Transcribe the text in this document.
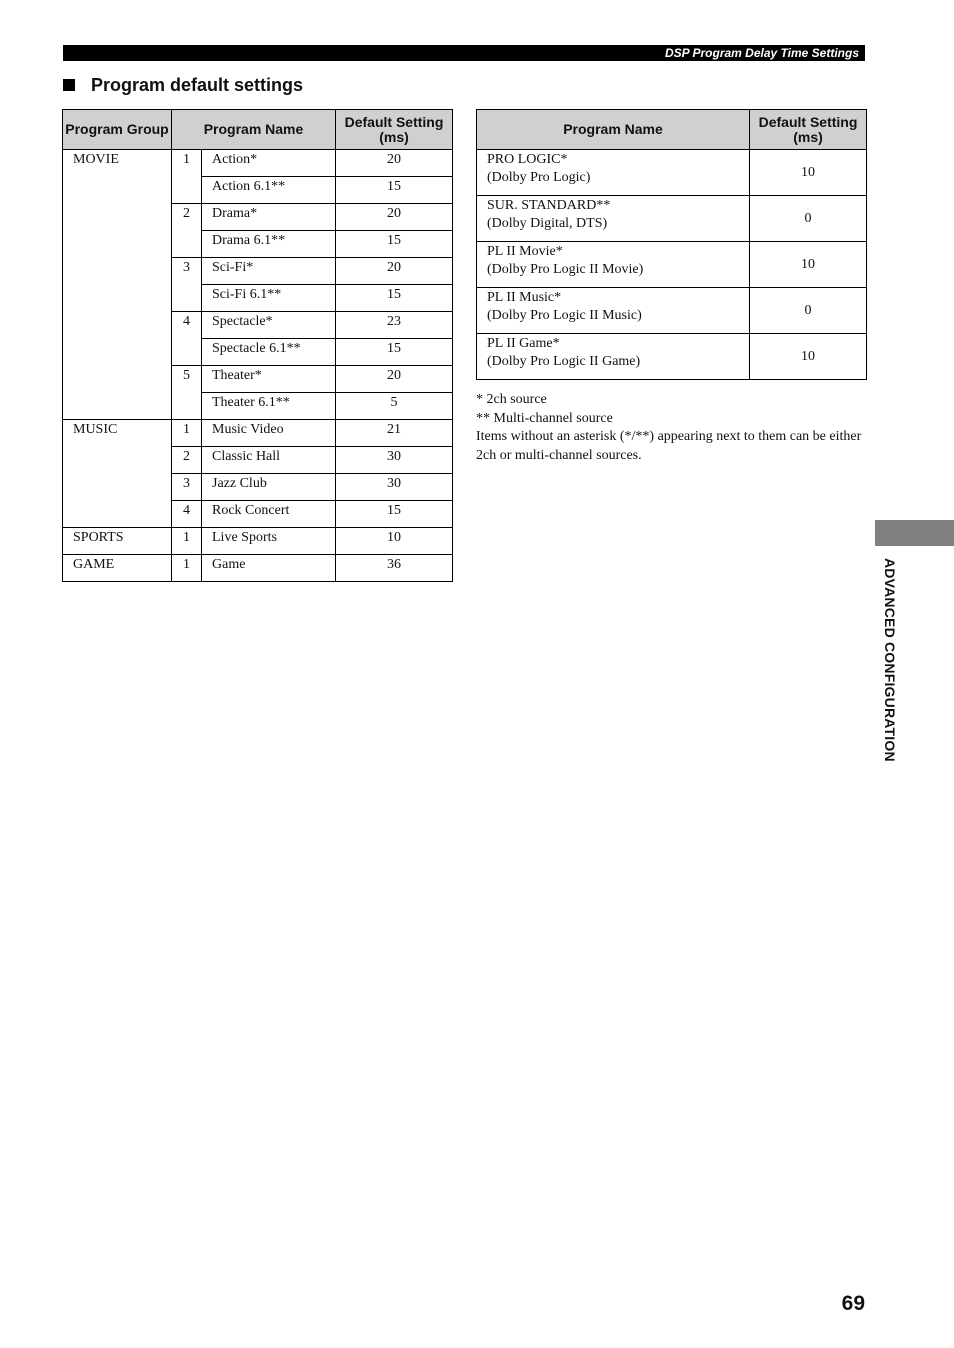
DSP Program Delay Time Settings
Program default settings
Program Group	Program Name		Default Setting (ms)
MOVIE	1	Action*	20
		Action 6.1**	15
	2	Drama*	20
		Drama 6.1**	15
	3	Sci-Fi*	20
		Sci-Fi 6.1**	15
	4	Spectacle*	23
		Spectacle 6.1**	15
	5	Theater*	20
		Theater 6.1**	5
MUSIC	1	Music Video	21
	2	Classic Hall	30
	3	Jazz Club	30
	4	Rock Concert	15
SPORTS	1	Live Sports	10
GAME	1	Game	36
Program Name	Default Setting (ms)

PRO LOGIC*
(Dolby Pro Logic)	10

SUR. STANDARD**
(Dolby Digital, DTS)	0

PL II Movie*
(Dolby Pro Logic II Movie)	10

PL II Music*
(Dolby Pro Logic II Music)	0

PL II Game*
(Dolby Pro Logic II Game)	10
* 2ch source
** Multi-channel source
Items without an asterisk (*/**) appearing next to them can be either 2ch or multi-channel sources.
ADVANCED CONFIGURATION
69
